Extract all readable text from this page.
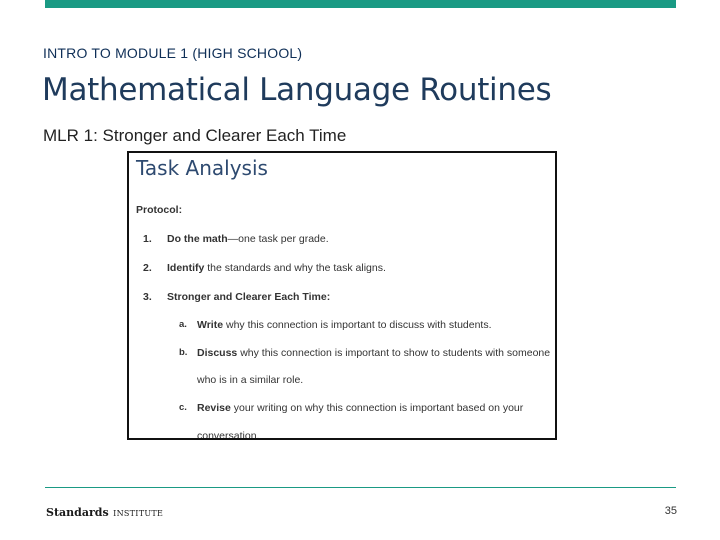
INTRO TO MODULE 1 (HIGH SCHOOL)
Mathematical Language Routines
MLR 1: Stronger and Clearer Each Time
Task Analysis
Protocol:
1. Do the math—one task per grade.
2. Identify the standards and why the task aligns.
3. Stronger and Clearer Each Time:
a. Write why this connection is important to discuss with students.
b. Discuss why this connection is important to show to students with someone
who is in a similar role.
c. Revise your writing on why this connection is important based on your
conversation.
Standards INSTITUTE	35
